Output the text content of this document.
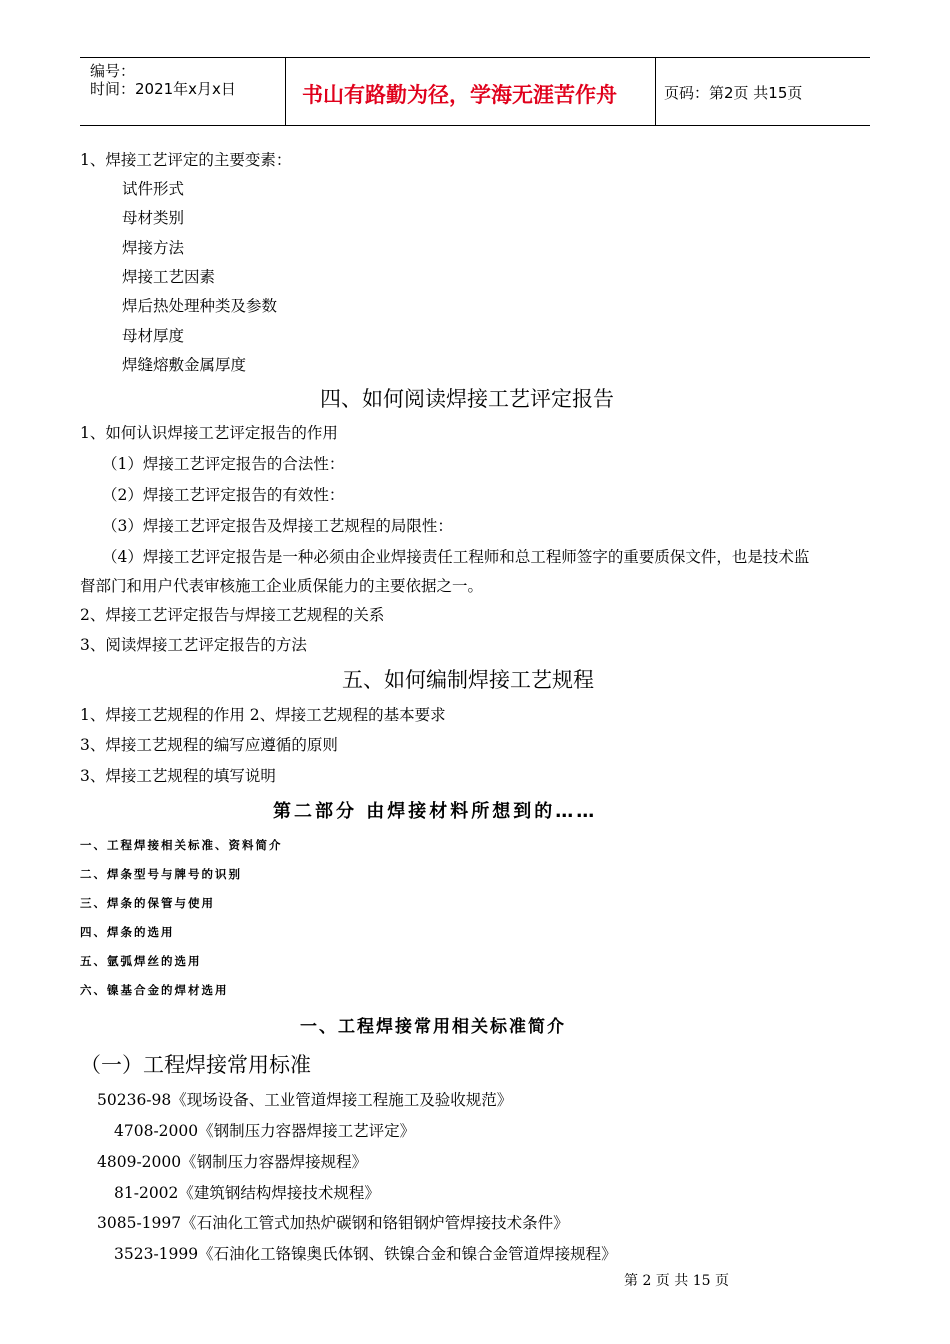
编号：
时间：2021年x月x日	书山有路勤为径，学海无涯苦作舟	页码：第2页 共15页
1、焊接工艺评定的主要变素：
试件形式
母材类别
焊接方法
焊接工艺因素
焊后热处理种类及参数
母材厚度
焊缝熔敷金属厚度
四、如何阅读焊接工艺评定报告
1、如何认识焊接工艺评定报告的作用
（1）焊接工艺评定报告的合法性：
（2）焊接工艺评定报告的有效性：
（3）焊接工艺评定报告及焊接工艺规程的局限性：
（4）焊接工艺评定报告是一种必须由企业焊接责任工程师和总工程师签字的重要质保文件，也是技术监
督部门和用户代表审核施工企业质保能力的主要依据之一。
2、焊接工艺评定报告与焊接工艺规程的关系
3、阅读焊接工艺评定报告的方法
五、如何编制焊接工艺规程
1、焊接工艺规程的作用 2、焊接工艺规程的基本要求
3、焊接工艺规程的编写应遵循的原则
3、焊接工艺规程的填写说明
第二部分 由焊接材料所想到的……
一、工程焊接相关标准、资料简介
二、焊条型号与牌号的识别
三、焊条的保管与使用
四、焊条的选用
五、氩弧焊丝的选用
六、镍基合金的焊材选用
一、工程焊接常用相关标准简介
（一）工程焊接常用标准
50236-98《现场设备、工业管道焊接工程施工及验收规范》
4708-2000《钢制压力容器焊接工艺评定》
4809-2000《钢制压力容器焊接规程》
81-2002《建筑钢结构焊接技术规程》
3085-1997《石油化工管式加热炉碳钢和铬钼钢炉管焊接技术条件》
3523-1999《石油化工铬镍奥氏体钢、铁镍合金和镍合金管道焊接规程》
第 2 页 共 15 页
